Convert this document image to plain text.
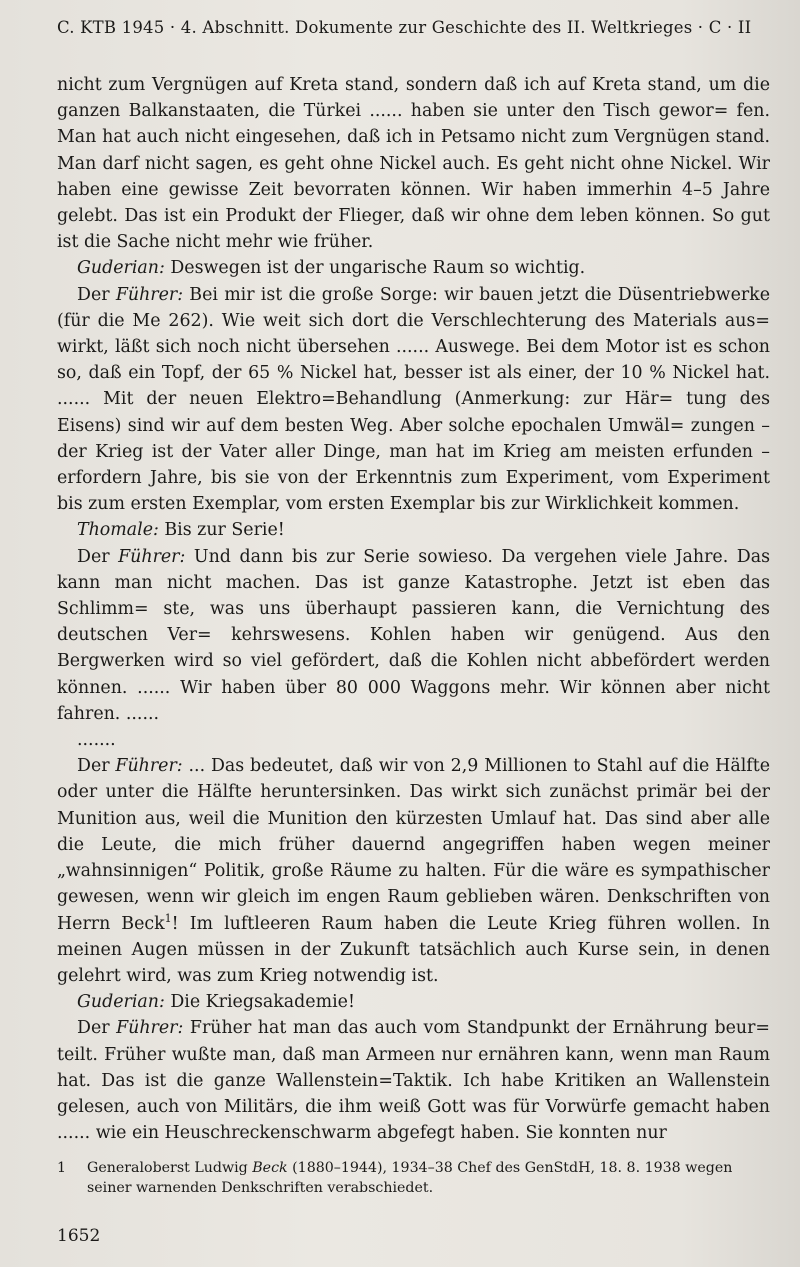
C. KTB 1945 · 4. Abschnitt. Dokumente zur Geschichte des II. Weltkrieges · C · II

nicht zum Vergnügen auf Kreta stand, sondern daß ich auf Kreta stand, um die ganzen Balkanstaaten, die Türkei ...... haben sie unter den Tisch gewor= fen. Man hat auch nicht eingesehen, daß ich in Petsamo nicht zum Vergnügen stand. Man darf nicht sagen, es geht ohne Nickel auch. Es geht nicht ohne Nickel. Wir haben eine gewisse Zeit bevorraten können. Wir haben immerhin 4–5 Jahre gelebt. Das ist ein Produkt der Flieger, daß wir ohne dem leben können. So gut ist die Sache nicht mehr wie früher.

Guderian: Deswegen ist der ungarische Raum so wichtig.

Der Führer: Bei mir ist die große Sorge: wir bauen jetzt die Düsentriebwerke (für die Me 262). Wie weit sich dort die Verschlechterung des Materials aus= wirkt, läßt sich noch nicht übersehen ...... Auswege. Bei dem Motor ist es schon so, daß ein Topf, der 65 % Nickel hat, besser ist als einer, der 10 % Nickel hat. ...... Mit der neuen Elektro=Behandlung (Anmerkung: zur Här= tung des Eisens) sind wir auf dem besten Weg. Aber solche epochalen Umwäl= zungen – der Krieg ist der Vater aller Dinge, man hat im Krieg am meisten erfunden – erfordern Jahre, bis sie von der Erkenntnis zum Experiment, vom Experiment bis zum ersten Exemplar, vom ersten Exemplar bis zur Wirklichkeit kommen.

Thomale: Bis zur Serie!

Der Führer: Und dann bis zur Serie sowieso. Da vergehen viele Jahre. Das kann man nicht machen. Das ist ganze Katastrophe. Jetzt ist eben das Schlimm= ste, was uns überhaupt passieren kann, die Vernichtung des deutschen Ver= kehrswesens. Kohlen haben wir genügend. Aus den Bergwerken wird so viel gefördert, daß die Kohlen nicht abbefördert werden können. ...... Wir haben über 80 000 Waggons mehr. Wir können aber nicht fahren. ......

.......

Der Führer: ... Das bedeutet, daß wir von 2,9 Millionen to Stahl auf die Hälfte oder unter die Hälfte heruntersinken. Das wirkt sich zunächst primär bei der Munition aus, weil die Munition den kürzesten Umlauf hat. Das sind aber alle die Leute, die mich früher dauernd angegriffen haben wegen meiner „wahnsinnigen“ Politik, große Räume zu halten. Für die wäre es sympathischer gewesen, wenn wir gleich im engen Raum geblieben wären. Denkschriften von Herrn Beck$^1$! Im luftleeren Raum haben die Leute Krieg führen wollen. In meinen Augen müssen in der Zukunft tatsächlich auch Kurse sein, in denen gelehrt wird, was zum Krieg notwendig ist.

Guderian: Die Kriegsakademie!

Der Führer: Früher hat man das auch vom Standpunkt der Ernährung beur= teilt. Früher wußte man, daß man Armeen nur ernähren kann, wenn man Raum hat. Das ist die ganze Wallenstein=Taktik. Ich habe Kritiken an Wallenstein gelesen, auch von Militärs, die ihm weiß Gott was für Vorwürfe gemacht haben ...... wie ein Heuschreckenschwarm abgefegt haben. Sie konnten nur

1	Generaloberst Ludwig Beck (1880–1944), 1934–38 Chef des GenStdH, 18. 8. 1938 wegen seiner warnenden Denkschriften verabschiedet.
1652
